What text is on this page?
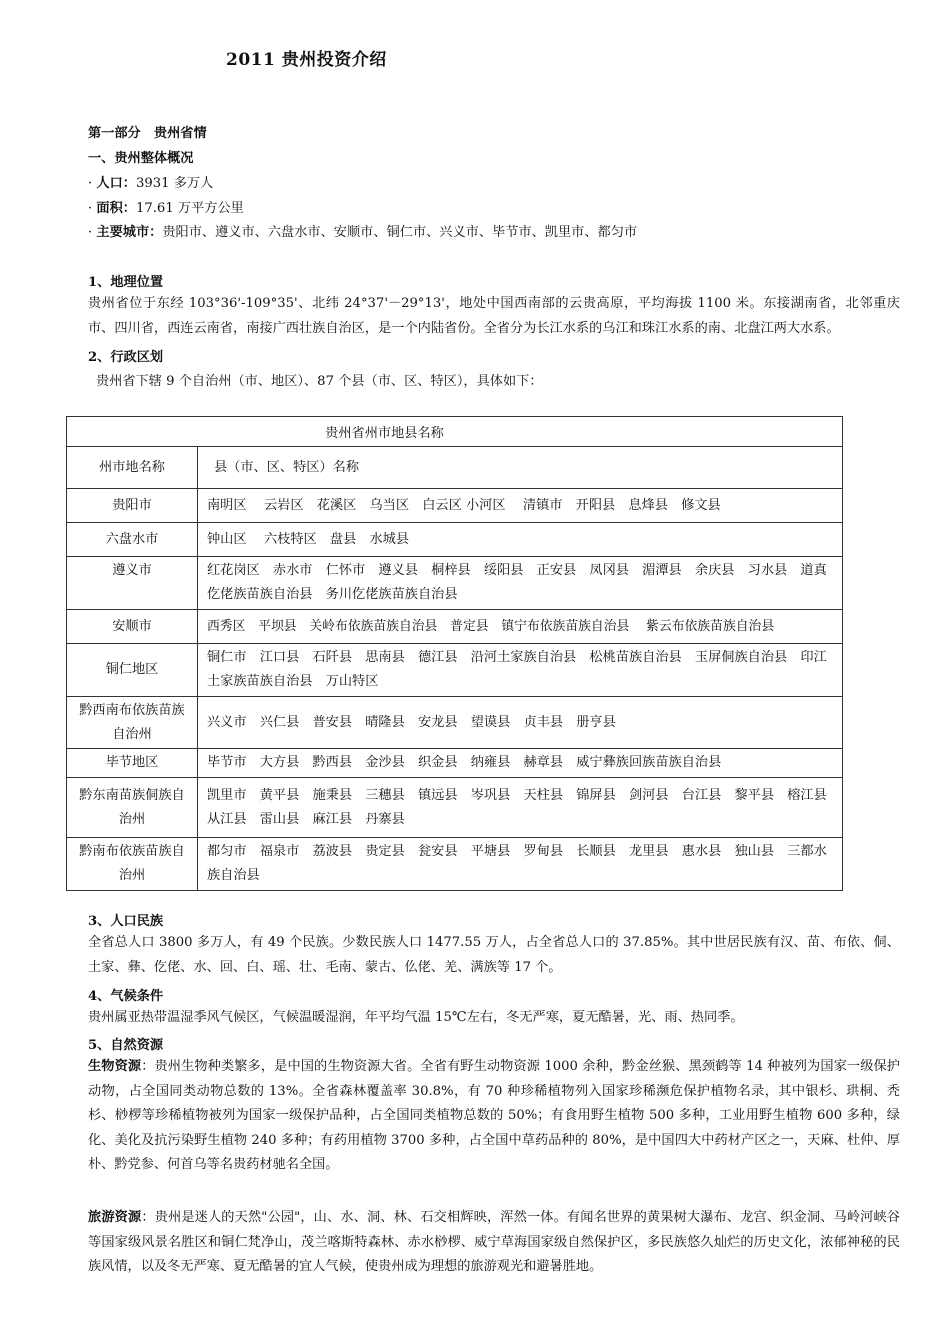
2011 贵州投资介绍
第一部分　贵州省情
一、贵州整体概况
· 人口：3931 多万人
· 面积：17.61 万平方公里
· 主要城市：贵阳市、遵义市、六盘水市、安顺市、铜仁市、兴义市、毕节市、凯里市、都匀市
1、地理位置
贵州省位于东经 103°36'-109°35'、北纬 24°37'－29°13'，地处中国西南部的云贵高原，平均海拔 1100 米。东接湖南省，北邻重庆市、四川省，西连云南省，南接广西壮族自治区，是一个内陆省份。全省分为长江水系的乌江和珠江水系的南、北盘江两大水系。
2、行政区划
贵州省下辖 9 个自治州（市、地区）、87 个县（市、区、特区），具体如下：
贵州省州市地县名称	
州市地名称	县（市、区、特区）名称
贵阳市	南明区　 云岩区　花溪区　乌当区　白云区 小河区　 清镇市　开阳县　息烽县　修文县
六盘水市	钟山区　 六枝特区　盘县　水城县
遵义市	红花岗区　赤水市　仁怀市　遵义县　桐梓县　绥阳县　正安县　凤冈县　湄潭县　余庆县　习水县　道真仡佬族苗族自治县　务川仡佬族苗族自治县
安顺市	西秀区　平坝县　关岭布依族苗族自治县　普定县　镇宁布依族苗族自治县　 紫云布依族苗族自治县
铜仁地区	铜仁市　江口县　石阡县　思南县　德江县　沿河土家族自治县　松桃苗族自治县　玉屏侗族自治县　印江土家族苗族自治县　万山特区
黔西南布依族苗族自治州	兴义市　兴仁县　普安县　晴隆县　安龙县　望谟县　贞丰县　册亨县
毕节地区	毕节市　大方县　黔西县　金沙县　织金县　纳雍县　赫章县　威宁彝族回族苗族自治县
黔东南苗族侗族自治州	凯里市　黄平县　施秉县　三穗县　镇远县　岑巩县　天柱县　锦屏县　剑河县　台江县　黎平县　榕江县　从江县　雷山县　麻江县　丹寨县
黔南布依族苗族自治州	都匀市　福泉市　荔波县　贵定县　瓮安县　平塘县　罗甸县　长顺县　龙里县　惠水县　独山县　三都水族自治县
3、人口民族
全省总人口 3800 多万人，有 49 个民族。少数民族人口 1477.55 万人，占全省总人口的 37.85%。其中世居民族有汉、苗、布依、侗、土家、彝、仡佬、水、回、白、瑶、壮、毛南、蒙古、仫佬、羌、满族等 17 个。
4、气候条件
贵州属亚热带温湿季风气候区，气候温暖湿润，年平均气温 15℃左右，冬无严寒，夏无酷暑，光、雨、热同季。
5、自然资源
生物资源：贵州生物种类繁多，是中国的生物资源大省。全省有野生动物资源 1000 余种，黔金丝猴、黑颈鹤等 14 种被列为国家一级保护动物，占全国同类动物总数的 13%。全省森林覆盖率 30.8%，有 70 种珍稀植物列入国家珍稀濒危保护植物名录，其中银杉、珙桐、秃杉、桫椤等珍稀植物被列为国家一级保护品种，占全国同类植物总数的 50%；有食用野生植物 500 多种，工业用野生植物 600 多种，绿化、美化及抗污染野生植物 240 多种；有药用植物 3700 多种，占全国中草药品种的 80%，是中国四大中药材产区之一，天麻、杜仲、厚朴、黔党参、何首乌等名贵药材驰名全国。
旅游资源：贵州是迷人的天然"公园"，山、水、洞、林、石交相辉映，浑然一体。有闻名世界的黄果树大瀑布、龙宫、织金洞、马岭河峡谷等国家级风景名胜区和铜仁梵净山，茂兰喀斯特森林、赤水桫椤、威宁草海国家级自然保护区，多民族悠久灿烂的历史文化，浓郁神秘的民族风情，以及冬无严寒、夏无酷暑的宜人气候，使贵州成为理想的旅游观光和避暑胜地。
